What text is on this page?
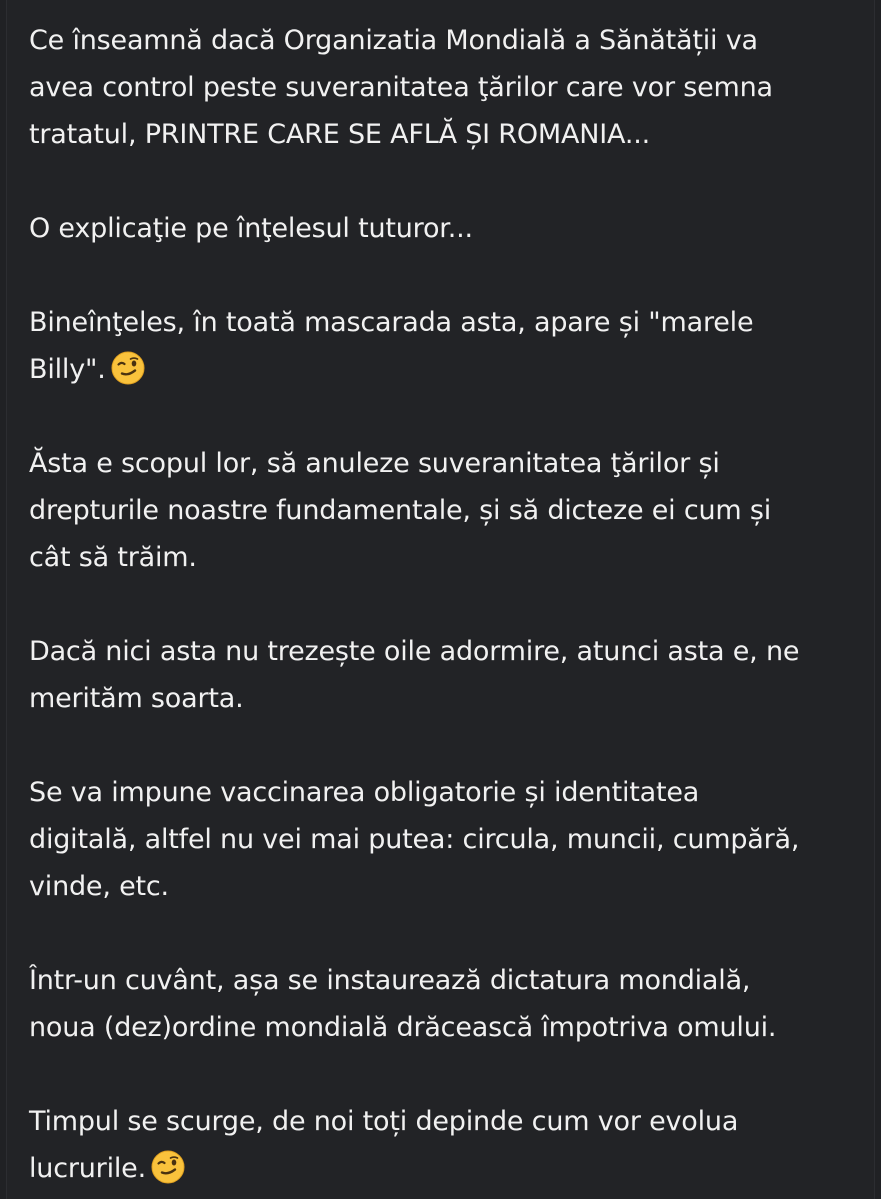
Ce înseamnă dacă Organizatia Mondială a Sănătății va
avea control peste suveranitatea ţărilor care vor semna
tratatul, PRINTRE CARE SE AFLĂ ȘI ROMANIA...
O explicaţie pe înţelesul tuturor...
Bineînţeles, în toată mascarada asta, apare și "marele
Billy".
Ăsta e scopul lor, să anuleze suveranitatea ţărilor și
drepturile noastre fundamentale, și să dicteze ei cum și
cât să trăim.
Dacă nici asta nu trezește oile adormire, atunci asta e, ne
merităm soarta.
Se va impune vaccinarea obligatorie și identitatea
digitală, altfel nu vei mai putea: circula, muncii, cumpără,
vinde, etc.
Într-un cuvânt, așa se instaurează dictatura mondială,
noua (dez)ordine mondială drăcească împotriva omului.
Timpul se scurge, de noi toți depinde cum vor evolua
lucrurile.
